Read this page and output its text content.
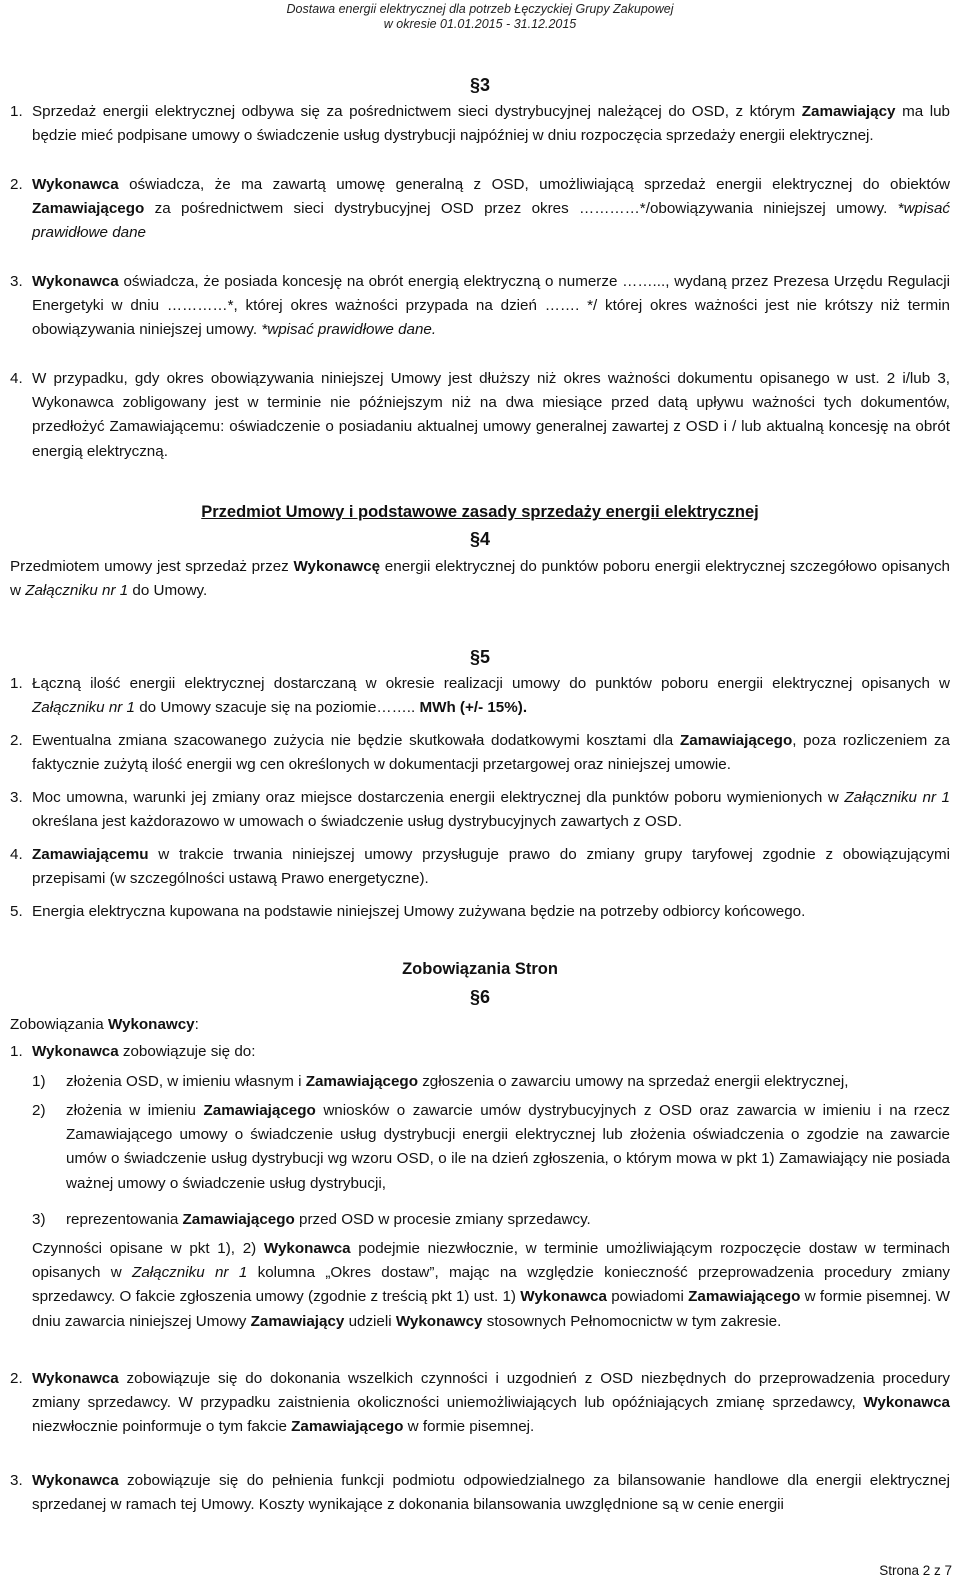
Dostawa energii elektrycznej dla potrzeb Łęczyckiej Grupy Zakupowej
w okresie 01.01.2015 - 31.12.2015
§3
1. Sprzedaż energii elektrycznej odbywa się za pośrednictwem sieci dystrybucyjnej należącej do OSD, z którym Zamawiający ma lub będzie mieć podpisane umowy o świadczenie usług dystrybucji najpóźniej w dniu rozpoczęcia sprzedaży energii elektrycznej.
2. Wykonawca oświadcza, że ma zawartą umowę generalną z OSD, umożliwiającą sprzedaż energii elektrycznej do obiektów Zamawiającego za pośrednictwem sieci dystrybucyjnej OSD przez okres …………*/obowiązywania niniejszej umowy. *wpisać prawidłowe dane
3. Wykonawca oświadcza, że posiada koncesję na obrót energią elektryczną o numerze ……..., wydaną przez Prezesa Urzędu Regulacji Energetyki w dniu …………*, której okres ważności przypada na dzień ……. */ której okres ważności jest nie krótszy niż termin obowiązywania niniejszej umowy. *wpisać prawidłowe dane.
4. W przypadku, gdy okres obowiązywania niniejszej Umowy jest dłuższy niż okres ważności dokumentu opisanego w ust. 2 i/lub 3, Wykonawca zobligowany jest w terminie nie późniejszym niż na dwa miesiące przed datą upływu ważności tych dokumentów, przedłożyć Zamawiającemu: oświadczenie o posiadaniu aktualnej umowy generalnej zawartej z OSD i / lub aktualną koncesję na obrót energią elektryczną.
Przedmiot Umowy i podstawowe zasady sprzedaży energii elektrycznej
§4
Przedmiotem umowy jest sprzedaż przez Wykonawcę energii elektrycznej do punktów poboru energii elektrycznej szczegółowo opisanych w Załączniku nr 1 do Umowy.
§5
1. Łączną ilość energii elektrycznej dostarczaną w okresie realizacji umowy do punktów poboru energii elektrycznej opisanych w Załączniku nr 1 do Umowy szacuje się na poziomie…….. MWh (+/- 15%).
2. Ewentualna zmiana szacowanego zużycia nie będzie skutkowała dodatkowymi kosztami dla Zamawiającego, poza rozliczeniem za faktycznie zużytą ilość energii wg cen określonych w dokumentacji przetargowej oraz niniejszej umowie.
3. Moc umowna, warunki jej zmiany oraz miejsce dostarczenia energii elektrycznej dla punktów poboru wymienionych w Załączniku nr 1 określana jest każdorazowo w umowach o świadczenie usług dystrybucyjnych zawartych z OSD.
4. Zamawiającemu w trakcie trwania niniejszej umowy przysługuje prawo do zmiany grupy taryfowej zgodnie z obowiązującymi przepisami (w szczególności ustawą Prawo energetyczne).
5. Energia elektryczna kupowana na podstawie niniejszej Umowy zużywana będzie na potrzeby odbiorcy końcowego.
Zobowiązania Stron
§6
Zobowiązania Wykonawcy:
1. Wykonawca zobowiązuje się do:
1) złożenia OSD, w imieniu własnym i Zamawiającego zgłoszenia o zawarciu umowy na sprzedaż energii elektrycznej,
2) złożenia w imieniu Zamawiającego wniosków o zawarcie umów dystrybucyjnych z OSD oraz zawarcia w imieniu i na rzecz Zamawiającego umowy o świadczenie usług dystrybucji energii elektrycznej lub złożenia oświadczenia o zgodzie na zawarcie umów o świadczenie usług dystrybucji wg wzoru OSD, o ile na dzień zgłoszenia, o którym mowa w pkt 1) Zamawiający nie posiada ważnej umowy o świadczenie usług dystrybucji,
3) reprezentowania Zamawiającego przed OSD w procesie zmiany sprzedawcy.
Czynności opisane w pkt 1), 2) Wykonawca podejmie niezwłocznie, w terminie umożliwiającym rozpoczęcie dostaw w terminach opisanych w Załączniku nr 1 kolumna „Okres dostaw”, mając na względzie konieczność przeprowadzenia procedury zmiany sprzedawcy. O fakcie zgłoszenia umowy (zgodnie z treścią pkt 1) ust. 1) Wykonawca powiadomi Zamawiającego w formie pisemnej. W dniu zawarcia niniejszej Umowy Zamawiający udzieli Wykonawcy stosownych Pełnomocnictw w tym zakresie.
2. Wykonawca zobowiązuje się do dokonania wszelkich czynności i uzgodnień z OSD niezbędnych do przeprowadzenia procedury zmiany sprzedawcy. W przypadku zaistnienia okoliczności uniemożliwiających lub opóźniających zmianę sprzedawcy, Wykonawca niezwłocznie poinformuje o tym fakcie Zamawiającego w formie pisemnej.
3. Wykonawca zobowiązuje się do pełnienia funkcji podmiotu odpowiedzialnego za bilansowanie handlowe dla energii elektrycznej sprzedanej w ramach tej Umowy. Koszty wynikające z dokonania bilansowania uwzględnione są w cenie energii
Strona 2 z 7
